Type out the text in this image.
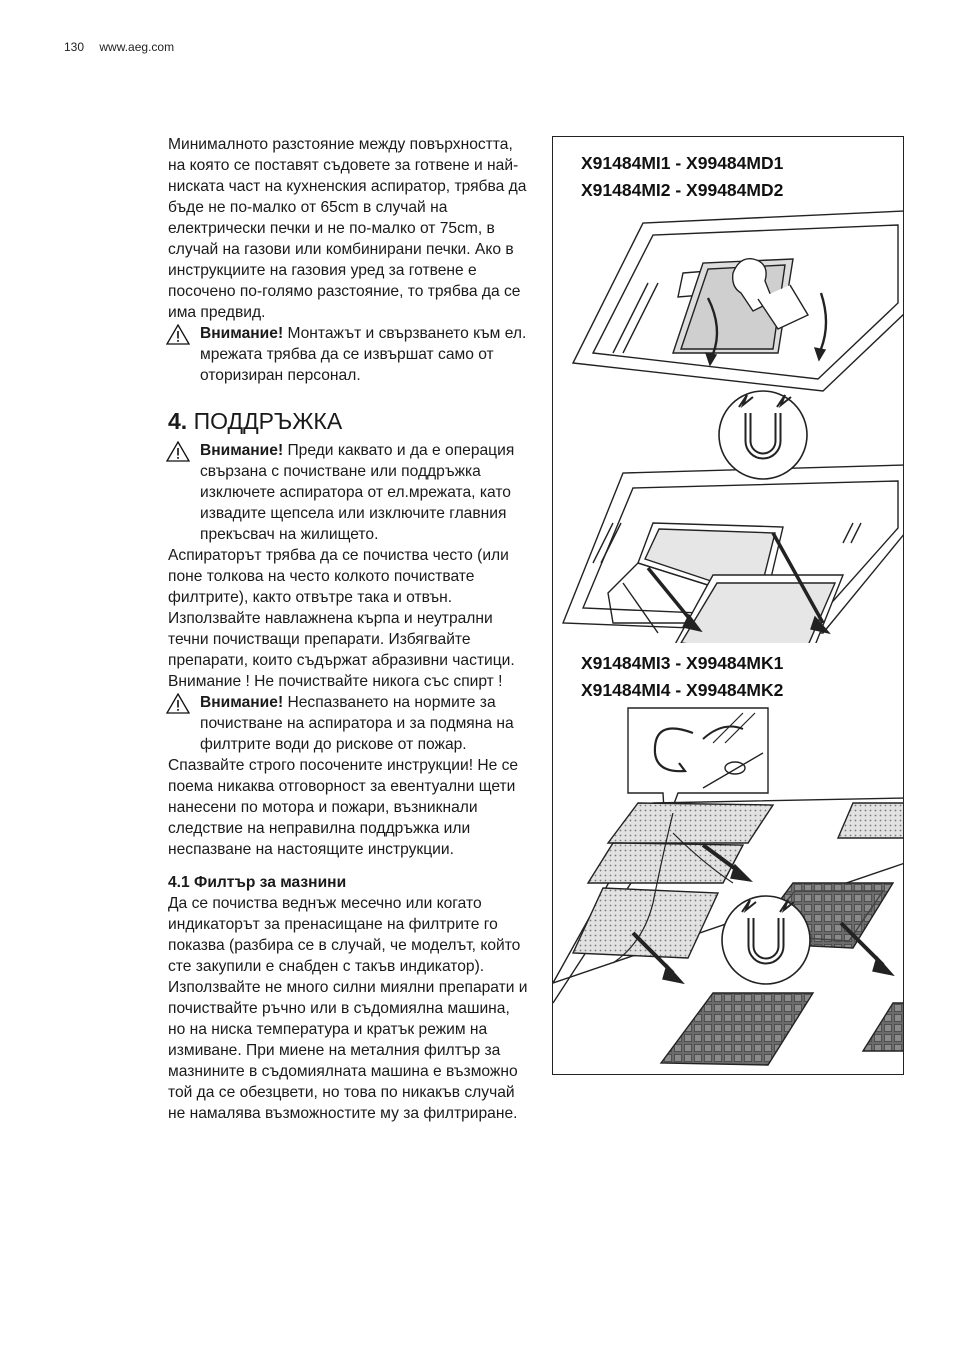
130 www.aeg.com

Минималното разстояние между повърхността, на която се поставят съдовете за готвене и най-ниската част на кухненския аспиратор, трябва да бъде не по-малко от 65cm в случай на електрически печки и не по-малко от 75cm, в случай на газови или комбинирани печки. Ако в инструкциите на газовия уред за готвене е посочено по-голямо разстояние, то трябва да се има предвид.

Внимание! Монтажът и свързването към ел. мрежата трябва да се извършат само от оторизиран персонал.

4. ПОДДРЪЖКА

Внимание! Преди каквато и да е операция свързана с почистване или поддръжка изключете аспиратора от ел.мрежата, като извадите щепсела или изключите главния прекъсвач на жилището.

Аспираторът трябва да се почиства често (или поне толкова на често колкото почиствате филтрите), както отвътре така и отвън. Използвайте навлажнена кърпа и неутрални течни почистващи препарати. Избягвайте препарати, които съдържат абразивни частици. Внимание ! Не почиствайте никога със спирт !

Внимание! Неспазването на нормите за почистване на аспиратора и за подмяна на филтрите води до рискове от пожар.

Спазвайте строго посочените инструкции! Не се поема никаква отговорност за евентуални щети нанесени по мотора и пожари, възникнали следствие на неправилна поддръжка или неспазване на настоящите инструкции.

4.1 Филтър за мазнини

Да се почиства веднъж месечно или когато индикаторът за пренасищане на филтрите го показва (разбира се в случай, че моделът, който сте закупили е снабден с такъв индикатор).

Използвайте не много силни миялни препарати и почиствайте ръчно или в съдомиялна машина, но на ниска температура и кратък режим на измиване. При миене на металния филтър за мазнините в съдомиялната машина е възможно той да се обезцвети, но това по никакъв случай не намалява възможностите му за филтриране.

X91484MI1 - X99484MD1
X91484MI2 - X99484MD2
X91484MI3 - X99484MK1
X91484MI4 - X99484MK2
